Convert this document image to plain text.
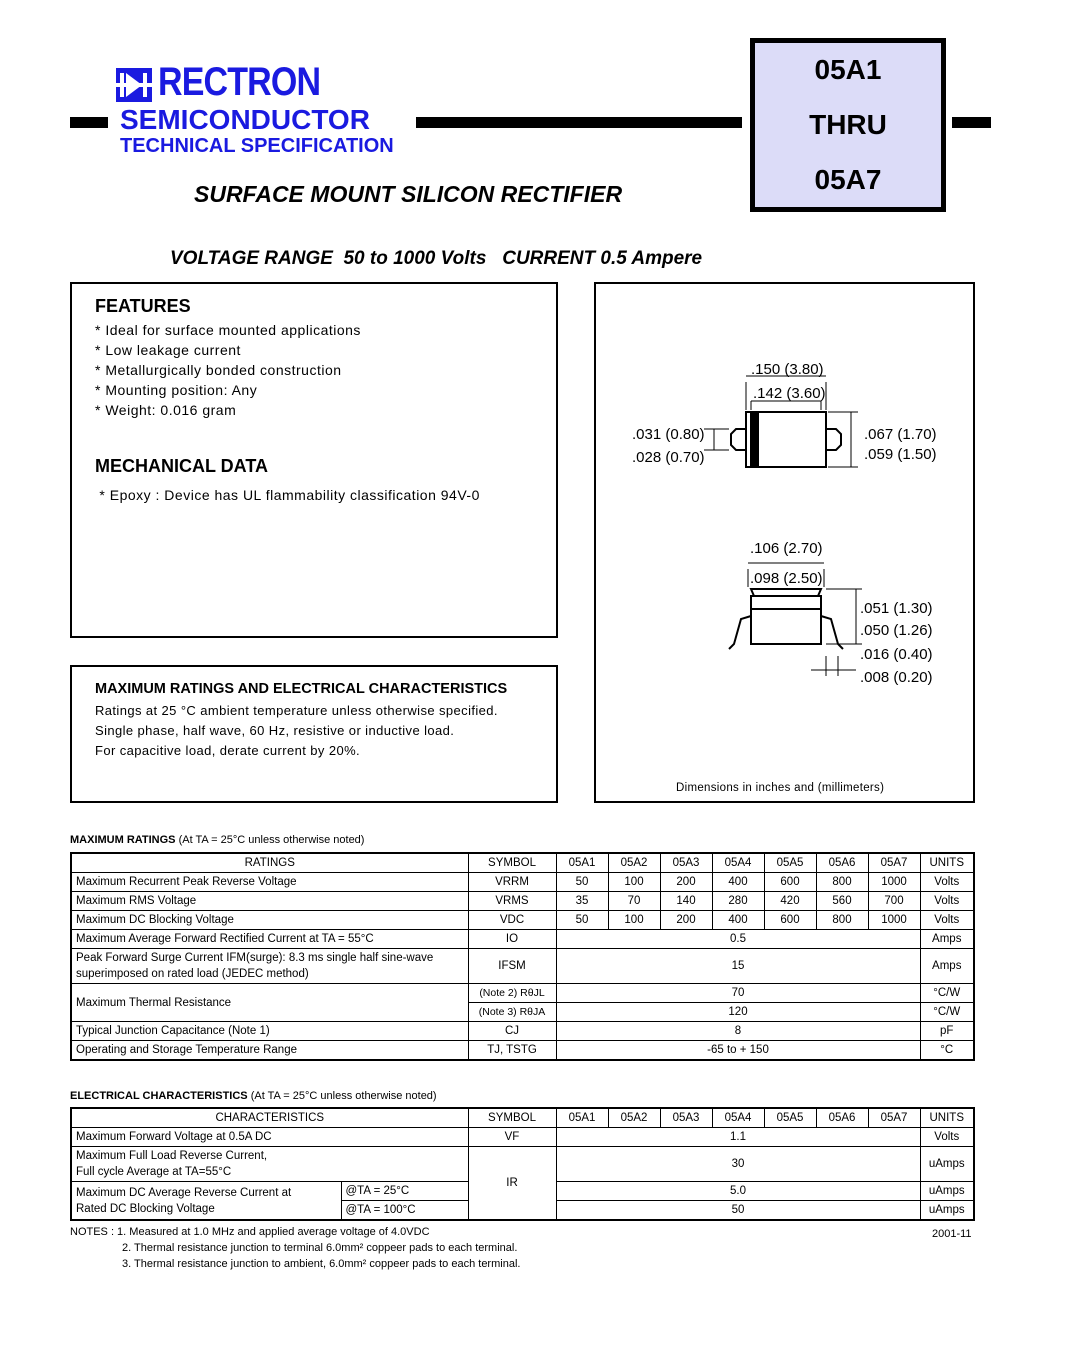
RECTRON
SEMICONDUCTOR
TECHNICAL SPECIFICATION
05A1
THRU
05A7
SURFACE MOUNT SILICON RECTIFIER
VOLTAGE RANGE  50 to 1000 Volts   CURRENT 0.5 Ampere
FEATURES
* Ideal for surface mounted applications
* Low leakage current
* Metallurgically bonded construction
* Mounting position: Any
* Weight: 0.016 gram
MECHANICAL DATA
* Epoxy : Device has UL flammability classification 94V-0
MAXIMUM RATINGS AND ELECTRICAL CHARACTERISTICS
Ratings at 25 °C ambient temperature unless otherwise specified.
Single phase, half wave, 60 Hz, resistive or inductive load.
For capacitive load, derate current by 20%.
.150 (3.80)
.142 (3.60)
.031 (0.80)
.028 (0.70)
.067 (1.70)
.059 (1.50)
.106 (2.70)
.098 (2.50)
.051 (1.30)
.050 (1.26)
.016 (0.40)
.008 (0.20)
Dimensions in inches and (millimeters)
MAXIMUM RATINGS (At TA = 25°C unless otherwise noted)
RATINGS	SYMBOL	05A1	05A2	05A3	05A4	05A5	05A6	05A7	UNITS
Maximum Recurrent Peak Reverse Voltage	VRRM	50	100	200	400	600	800	1000	Volts
Maximum RMS Voltage	VRMS	35	70	140	280	420	560	700	Volts
Maximum DC Blocking Voltage	VDC	50	100	200	400	600	800	1000	Volts
Maximum Average Forward Rectified Current at TA = 55°C	IO	0.5							Amps

Peak Forward Surge Current IFM(surge): 8.3 ms single half sine-wave
superimposed on rated load (JEDEC method)	IFSM	15							Amps
Maximum Thermal Resistance	(Note 2) RθJL	70							°C/W
	(Note 3) RθJA	120							°C/W
Typical Junction Capacitance (Note 1)	CJ	8							pF
Operating and Storage Temperature Range	TJ, TSTG	-65 to + 150							°C
ELECTRICAL CHARACTERISTICS (At TA = 25°C unless otherwise noted)
CHARACTERISTICS		SYMBOL	05A1	05A2	05A3	05A4	05A5	05A6	05A7	UNITS
Maximum Forward Voltage at 0.5A DC		VF	1.1							Volts

Maximum Full Load Reverse Current,
Full cycle Average at TA=55°C		IR	30							uAmps

Maximum DC Average Reverse Current at
Rated DC Blocking Voltage	@TA = 25°C		5.0							uAmps
	@TA = 100°C		50							uAmps
NOTES : 1. Measured at 1.0 MHz and applied average voltage of 4.0VDC
2. Thermal resistance junction to terminal 6.0mm² coppeer pads to each terminal.
3. Thermal resistance junction to ambient, 6.0mm² coppeer pads to each terminal.
2001-11
